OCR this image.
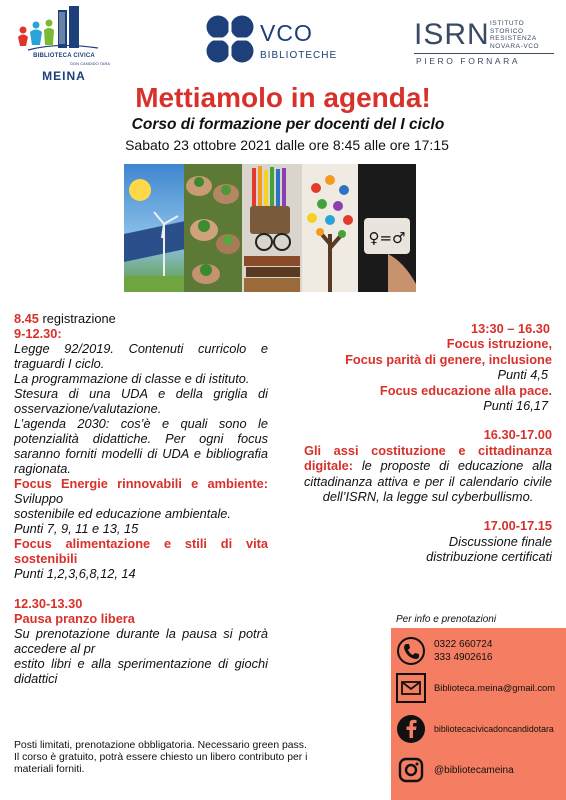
BIBLIOTECA CIVICA
DON CANDIDO TARA
MEINA
VCO
BIBLIOTECHE
ISRN ISTITUTO
STORICO
RESISTENZA
NOVARA-VCO
PIERO FORNARA
Mettiamolo in agenda!
Corso di formazione per docenti del I ciclo
Sabato 23 ottobre 2021 dalle ore 8:45 alle ore 17:15
♀=♂

8.45 registrazione

9-12.30:

Legge 92/2019. Contenuti curricolo e traguardi I ciclo.

La programmazione di classe e di istituto.

Stesura di una UDA e della griglia di osservazione/valutazione.

L’agenda 2030: cos’è e quali sono le potenzialità didattiche. Per ogni focus saranno forniti modelli di UDA e bibliografia ragionata.

Focus Energie rinnovabili e ambiente: Sviluppo

sostenibile ed educazione ambientale.

Punti 7, 9, 11 e 13, 15

Focus alimentazione e stili di vita sostenibili

Punti 1,2,3,6,8,12, 14

12.30-13.30

Pausa pranzo libera

Su prenotazione durante la pausa si potrà accedere al pr

estito libri e alla sperimentazione di giochi didattici

13:30 – 16.30

Focus istruzione,

Focus parità di genere, inclusione

Punti 4,5

Focus educazione alla pace.

Punti 16,17

16.30-17.00

Gli assi costituzione e cittadinanza digitale: le proposte di educazione alla cittadinanza attiva e per il calendario civile dell’ISRN, la legge sul cyberbullismo.

17.00-17.15

Discussione finale

distribuzione certificati

Posti limitati, prenotazione obbligatoria. Necessario green pass.

Il corso è gratuito, potrà essere chiesto un libero contributo per i materiali forniti.

Per info e prenotazioni
0322 660724
333 4902616
Biblioteca.meina@gmail.com
bibliotecacivicadoncandidotara
@bibliotecameina
